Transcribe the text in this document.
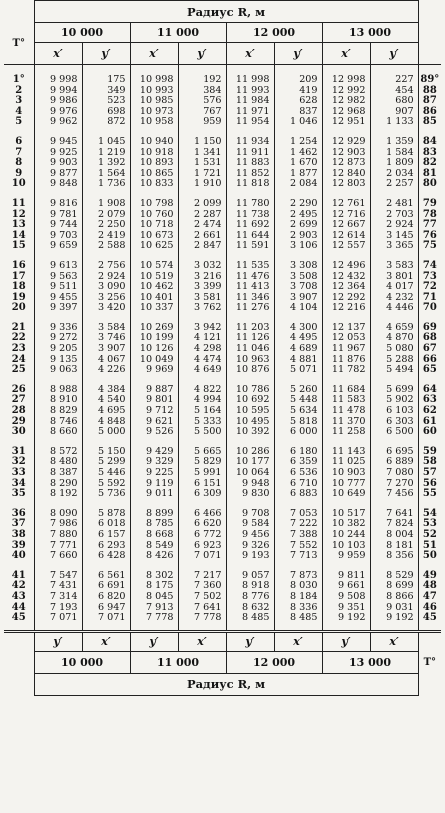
	Радиус R, м								
T°	10 000		11 000		12 000		13 000		
	x′	y′	x′	y′	x′	y′	x′	y′	

1°	9 998	175	10 998	192	11 998	209	12 998	227	89°
2	9 994	349	10 993	384	11 993	419	12 992	454	88
3	9 986	523	10 985	576	11 984	628	12 982	680	87
4	9 976	698	10 973	767	11 971	837	12 968	907	86
5	9 962	872	10 958	959	11 954	1 046	12 951	1 133	85

6	9 945	1 045	10 940	1 150	11 934	1 254	12 929	1 359	84
7	9 925	1 219	10 918	1 341	11 911	1 462	12 903	1 584	83
8	9 903	1 392	10 893	1 531	11 883	1 670	12 873	1 809	82
9	9 877	1 564	10 865	1 721	11 852	1 877	12 840	2 034	81
10	9 848	1 736	10 833	1 910	11 818	2 084	12 803	2 257	80

11	9 816	1 908	10 798	2 099	11 780	2 290	12 761	2 481	79
12	9 781	2 079	10 760	2 287	11 738	2 495	12 716	2 703	78
13	9 744	2 250	10 718	2 474	11 692	2 699	12 667	2 924	77
14	9 703	2 419	10 673	2 661	11 644	2 903	12 614	3 145	76
15	9 659	2 588	10 625	2 847	11 591	3 106	12 557	3 365	75

16	9 613	2 756	10 574	3 032	11 535	3 308	12 496	3 583	74
17	9 563	2 924	10 519	3 216	11 476	3 508	12 432	3 801	73
18	9 511	3 090	10 462	3 399	11 413	3 708	12 364	4 017	72
19	9 455	3 256	10 401	3 581	11 346	3 907	12 292	4 232	71
20	9 397	3 420	10 337	3 762	11 276	4 104	12 216	4 446	70

21	9 336	3 584	10 269	3 942	11 203	4 300	12 137	4 659	69
22	9 272	3 746	10 199	4 121	11 126	4 495	12 053	4 870	68
23	9 205	3 907	10 126	4 298	11 046	4 689	11 967	5 080	67
24	9 135	4 067	10 049	4 474	10 963	4 881	11 876	5 288	66
25	9 063	4 226	9 969	4 649	10 876	5 071	11 782	5 494	65

26	8 988	4 384	9 887	4 822	10 786	5 260	11 684	5 699	64
27	8 910	4 540	9 801	4 994	10 692	5 448	11 583	5 902	63
28	8 829	4 695	9 712	5 164	10 595	5 634	11 478	6 103	62
29	8 746	4 848	9 621	5 333	10 495	5 818	11 370	6 303	61
30	8 660	5 000	9 526	5 500	10 392	6 000	11 258	6 500	60

31	8 572	5 150	9 429	5 665	10 286	6 180	11 143	6 695	59
32	8 480	5 299	9 329	5 829	10 177	6 359	11 025	6 889	58
33	8 387	5 446	9 225	5 991	10 064	6 536	10 903	7 080	57
34	8 290	5 592	9 119	6 151	9 948	6 710	10 777	7 270	56
35	8 192	5 736	9 011	6 309	9 830	6 883	10 649	7 456	55

36	8 090	5 878	8 899	6 466	9 708	7 053	10 517	7 641	54
37	7 986	6 018	8 785	6 620	9 584	7 222	10 382	7 824	53
38	7 880	6 157	8 668	6 772	9 456	7 388	10 244	8 004	52
39	7 771	6 293	8 549	6 923	9 326	7 552	10 103	8 181	51
40	7 660	6 428	8 426	7 071	9 193	7 713	9 959	8 356	50

41	7 547	6 561	8 302	7 217	9 057	7 873	9 811	8 529	49
42	7 431	6 691	8 175	7 360	8 918	8 030	9 661	8 699	48
43	7 314	6 820	8 045	7 502	8 776	8 184	9 508	8 866	47
44	7 193	6 947	7 913	7 641	8 632	8 336	9 351	9 031	46
45	7 071	7 071	7 778	7 778	8 485	8 485	9 192	9 192	45

	y′	x′	y′	x′	y′	x′	y′	x′	
	10 000		11 000		12 000		13 000		T°
	Радиус R, м								
